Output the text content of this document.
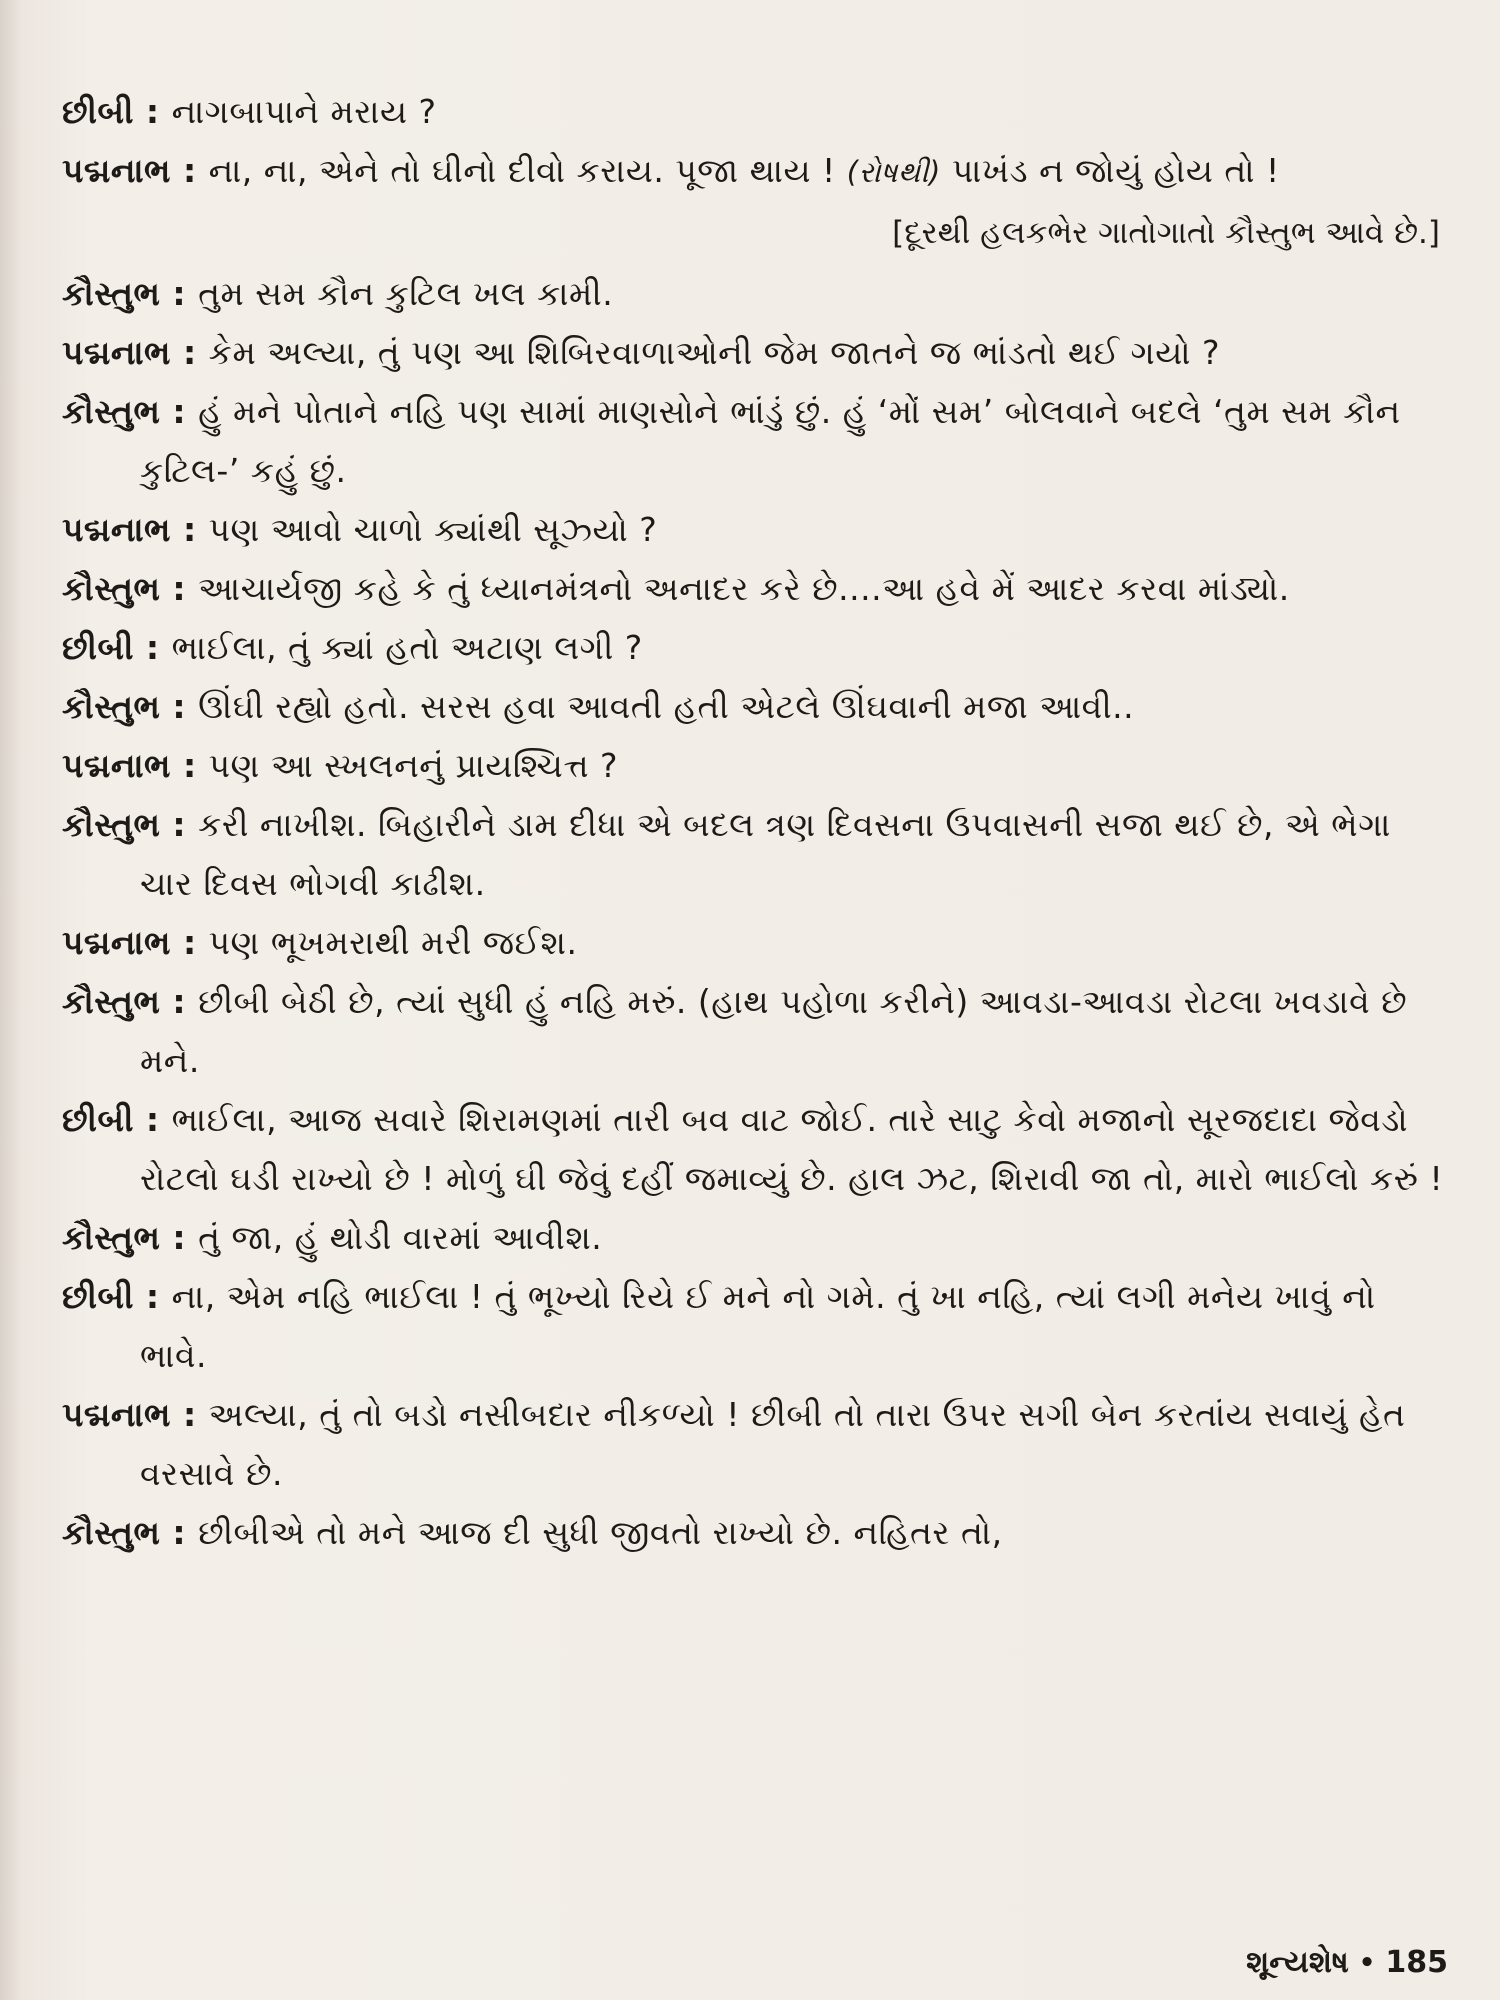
છીબી : નાગબાપાને મરાય ?

પદ્મનાભ : ના, ના, એને તો ઘીનો દીવો કરાય. પૂજા થાય ! (રોષથી) પાખંડ ન જોયું હોય તો !

[દૂરથી હલકભેર ગાતોગાતો કૌસ્તુભ આવે છે.]

કૌસ્તુભ : તુમ સમ કૌન કુટિલ ખલ કામી.

પદ્મનાભ : કેમ અલ્યા, તું પણ આ શિબિરવાળાઓની જેમ જાતને જ ભાંડતો થઈ ગયો ?

કૌસ્તુભ : હું મને પોતાને નહિ પણ સામાં માણસોને ભાંડું છું. હું ‘મોં સમ’ બોલવાને બદલે ‘તુમ સમ કૌન કુટિલ-’ કહું છું.

પદ્મનાભ : પણ આવો ચાળો ક્યાંથી સૂઝ્યો ?

કૌસ્તુભ : આચાર્યજી કહે કે તું ધ્યાનમંત્રનો અનાદર કરે છે....આ હવે મેં આદર કરવા માંડ્યો.

છીબી : ભાઈલા, તું ક્યાં હતો અટાણ લગી ?

કૌસ્તુભ : ઊંઘી રહ્યો હતો. સરસ હવા આવતી હતી એટલે ઊંઘવાની મજા આવી..

પદ્મનાભ : પણ આ સ્ખલનનું પ્રાયશ્ચિત્ત ?

કૌસ્તુભ : કરી નાખીશ. બિહારીને ડામ દીધા એ બદલ ત્રણ દિવસના ઉપવાસની સજા થઈ છે, એ ભેગા ચાર દિવસ ભોગવી કાઢીશ.

પદ્મનાભ : પણ ભૂખમરાથી મરી જઈશ.

કૌસ્તુભ : છીબી બેઠી છે, ત્યાં સુધી હું નહિ મરું. (હાથ પહોળા કરીને) આવડા-આવડા રોટલા ખવડાવે છે મને.

છીબી : ભાઈલા, આજ સવારે શિરામણમાં તારી બવ વાટ જોઈ. તારે સાટુ કેવો મજાનો સૂરજદાદા જેવડો રોટલો ઘડી રાખ્યો છે ! મોળું ઘી જેવું દહીં જમાવ્યું છે. હાલ ઝટ, શિરાવી જા તો, મારો ભાઈલો કરું !

કૌસ્તુભ : તું જા, હું થોડી વારમાં આવીશ.

છીબી : ના, એમ નહિ ભાઈલા ! તું ભૂખ્યો રિયે ઈ મને નો ગમે. તું ખા નહિ, ત્યાં લગી મનેય ખાવું નો ભાવે.

પદ્મનાભ : અલ્યા, તું તો બડો નસીબદાર નીકળ્યો ! છીબી તો તારા ઉપર સગી બેન કરતાંય સવાયું હેત વરસાવે છે.

કૌસ્તુભ : છીબીએ તો મને આજ દી સુધી જીવતો રાખ્યો છે. નહિતર તો,

શૂન્યશેષ • 185
